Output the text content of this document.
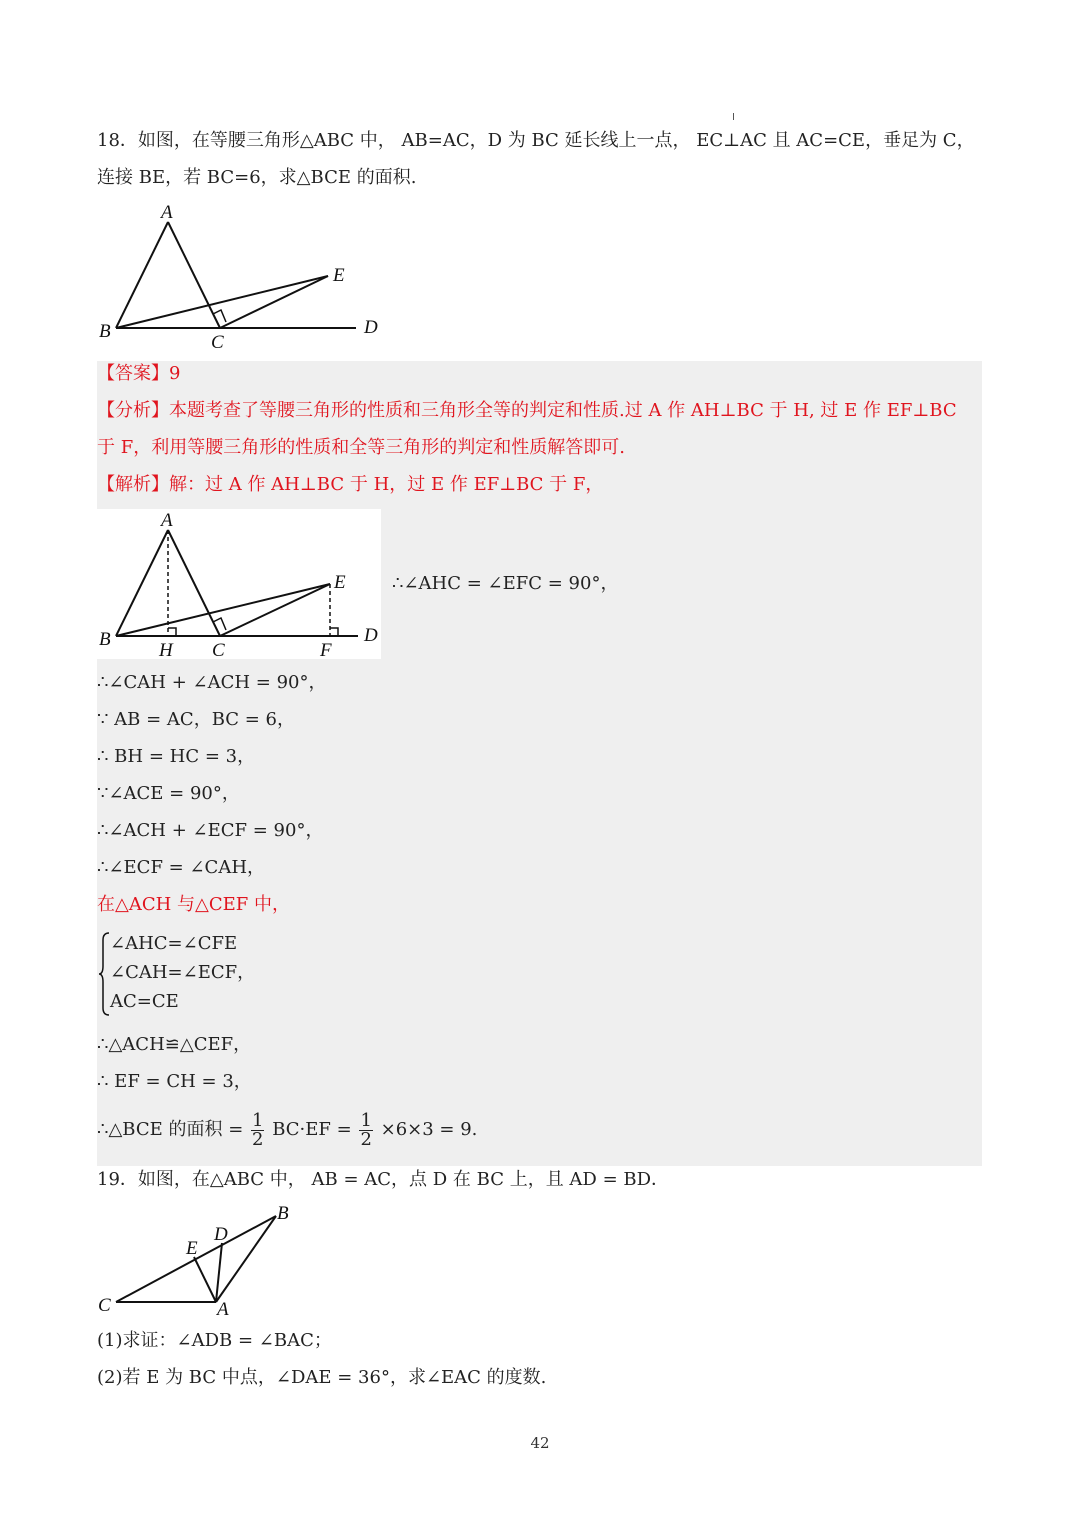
18．如图，在等腰三角形△ABC 中， AB=AC，D 为 BC 延长线上一点， EC⊥AC 且 AC=CE，垂足为 C，
连接 BE，若 BC=6，求△BCE 的面积.
A
B
C
D
E
【答案】9
【分析】本题考查了等腰三角形的性质和三角形全等的判定和性质.过 A 作 AH⊥BC 于 H, 过 E 作 EF⊥BC
于 F，利用等腰三角形的性质和全等三角形的判定和性质解答即可.
【解析】解：过 A 作 AH⊥BC 于 H，过 E 作 EF⊥BC 于 F，
A
B
H C	F
D
E	∴∠AHC = ∠EFC = 90°，
∴∠CAH + ∠ACH = 90°，
∵ AB = AC，BC = 6，
∴ BH = HC = 3，
∵∠ACE = 90°，
∴∠ACH + ∠ECF = 90°，
∴∠ECF = ∠CAH，
在△ACH 与△CEF 中，
∠AHC=∠CFE
∠CAH=∠ECF，
AC=CE
∴△ACH≌△CEF，
∴ EF = CH = 3，
∴△BCE 的面积 = $\frac{1}{2} BC\cdot EF = \frac{1}{2} \times 6\times 3 = 9$.
19．如图，在△ABC 中， AB = AC，点 D 在 BC 上，且 AD = BD．
C	A
B
D
E
(1)求证：∠ADB = ∠BAC；
(2)若 E 为 BC 中点，∠DAE = 36°，求∠EAC 的度数.
42
